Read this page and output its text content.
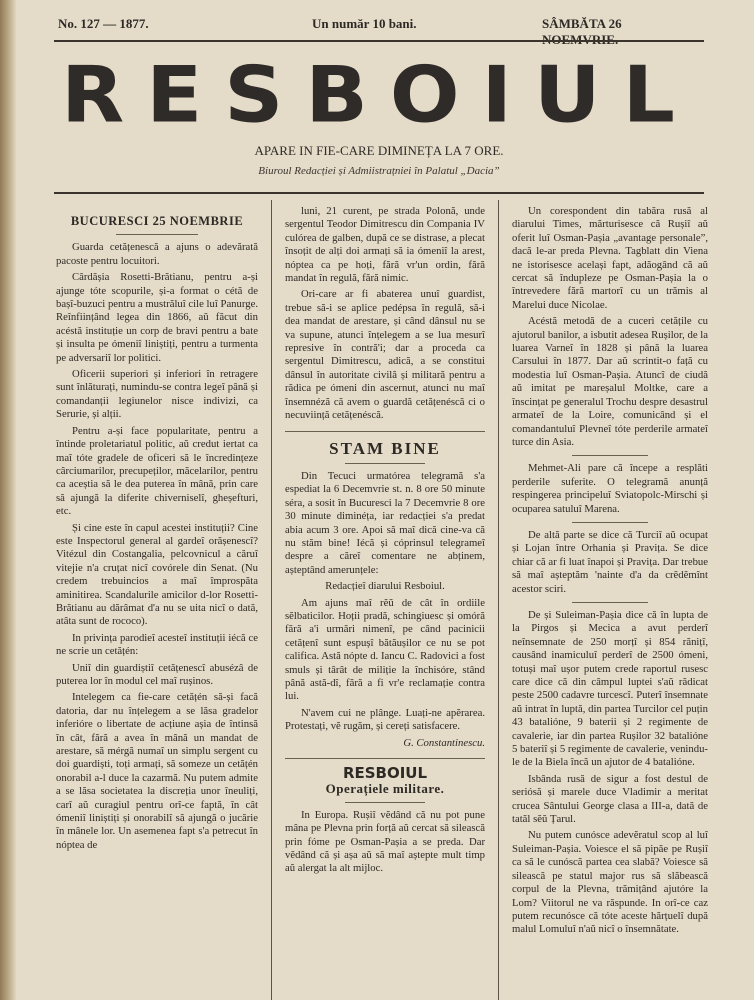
No. 127 — 1877.	Un număr 10 bani.	SÂMBĂTA 26 NOEMVRIE.
RESBOIUL
APARE IN FIE-CARE DIMINEȚA LA 7 ORE.
Biuroul Redacției și Admiistrațniei în Palatul „Dacia”
BUCURESCI 25 NOEMBRIE

Guarda cetățenescă a ajuns o adevărată pacoste pentru locuitori.

Cârdășia Rosetti-Brătianu, pentru a-și ajunge tóte scopurile, și-a format o cétă de bașî-buzuci pentru a mustrăluî cile luî Panurge. Reînființând legea din 1866, aŭ făcut din acéstă instituție un corp de bravi pentru a bate și insulta pe ómeniî liniștiți, pentru a turmenta pe adversariî lor politici.

Oficerii superiori și inferiori în retragere sunt înlăturați, numindu-se contra legeî până și comandanții legiunelor nisce indivizi, ca Serurie, și alții.

Pentru a-și face popularitate, pentru a întinde proletariatul politic, aŭ credut iertat ca maî tóte gradele de oficeri să le încredințeze cârciumarilor, precupeților, măcelarilor, pentru ca aceștia să le dea puterea în mână, prin care să ajungă la diferite chiverniselî, gheșefturi, etc.

Și cine este în capul acestei instituții? Cine este Inspectorul general al gardeî orășenescî? Vitézul din Costangalia, pelcovnicul a căruî vitejie n'a cruțat nicî covórele din Senat. (Nu credem trebuincios a maî împrospăta aminitirea. Scandalurile amicilor d-lor Rosetti-Brătianu au dărâmat d'a nu se uita nicî o dată, atâta sunt de rococo).

In privința parodieî acesteî instituții iécă ce ne scrie un cetățén:

Uniî din guardiștiî cetățenescî abusézâ de puterea lor în modul cel maî rușinos.

Intelegem ca fie-care cetățén să-și facă datoria, dar nu înțelegem a se lăsa gradelor inferióre o libertate de acțiune așia de întinsă în cât, fără a avea în mână un mandat de arestare, să mérgă numaî un simplu sergent cu doi guardiști, toți armați, să someze un cetățén onorabil a-l duce la cazarmă. Nu putem admite a se lăsa societatea la discreția unor îneuliți, carî aŭ curagiul pentru orî-ce faptă, în cât ómeniî liniștiți și onorabilî să ajungă o jucărie în mânele lor. Un asemenea fapt s'a petrecut în nóptea de

luni, 21 curent, pe strada Polonă, unde sergentul Teodor Dimitrescu din Compania IV culórea de galben, după ce se distrase, a plecat însoțit de alți doi armați să ia ómeniî la arest, nóptea ca pe hoți, fără vr'un ordin, fără mandat în regulă, fără nimic.

Ori-care ar fi abaterea unuî guardist, trebue să-i se aplice pedépsa în regulă, să-i dea mandat de arestare, și când dânsul nu se va supune, atunci înțelegem a se lua mesurî represive în contră'i; dar a proceda ca sergentul Dimitrescu, adică, a se constitui dânsul în autoritate civilă și militară pentru a rădica pe ómeni din ascernut, atunci nu maî însemnéză că avem o guardă cetățenéscă ci o necuviință cetățenéscă.

STAM BINE

Din Tecuci urmatórea telegramă s'a espediat la 6 Decemvrie st. n. 8 ore 50 minute séra, a sosit în Bucuresci la 7 Decemvrie 8 ore 30 minute diminéța, iar redacției s'a predat abia acum 3 ore. Apoi să maî dică cine-va că nu stăm bine! Iécă și cóprinsul telegrameî despre a căreî comentare ne abținem, așteptând amerunțele:

Redacțieî diarului Resboiul.

Am ajuns maî rĕŭ de cât în ordiile sĕlbaticilor. Hoții pradă, schingiuesc și omóră fără a'i urmări nimenî, pe când pacinicii cetățenî sunt espușî bătăușilor ce nu se pot califica. Astă nópte d. Iancu C. Radovici a fost smuls și târât de miliție la închisóre, stând până astă-dî, fără a fi vr'e reclamație contra lui.

N'avem cui ne plânge. Luați-ne apĕrarea. Protestați, vĕ rugăm, și cereți satisfacere.

G. Constantinescu.
RESBOIUL
Operațiele militare.

In Europa. Rușiî vĕdând că nu pot pune mâna pe Plevna prin forță aŭ cercat să silească prin fóme pe Osman-Pașia a se preda. Dar vĕdând că și așa aŭ să maî aștepte mult timp aŭ alergat la alt mijloc.

Un corespondent din tabăra rusă al diarului Times, mărturisesce că Rușiî aŭ oferit luî Osman-Pașia „avantage personale”, dacă le-ar preda Plevna. Tagblatt din Viena ne istorisesce același fapt, adăogând că aŭ cercat să îndupleze pe Osman-Pașia la o întrevedere fără martorî cu un trămis al Marelui duce Nicolae.

Acéstă metodă de a cuceri cetățile cu ajutorul banilor, a isbutit adesea Rușilor, de la luarea Varneî în 1828 și până la luarea Carsului în 1877. Dar aŭ scrintit-o față cu modestia luî Osman-Pașia. Atuncî de ciudă aŭ imitat pe mareșalul Moltke, care a înscințat pe generalul Trochu despre desastrul armateî de la Loire, comunicând și el comandantuluî Plevneî tóte perderile armateî turce din Asia.

Mehmet-Ali pare că începe a resplăti perderile suferite. O telegramă anunță respingerea principeluî Sviatopolc-Mirschi și ocuparea satuluî Marena.

De altă parte se dice că Turciî aŭ ocupat și Lojan între Orhania și Pravița. Se dice chiar că ar fi luat înapoi și Pravița. Dar trebue să maî așteptăm 'nainte d'a da crĕdĕmînt acestor sciri.

De și Suleiman-Pașia dice că în lupta de la Pirgos și Mecica a avut perderî neînsemnate de 250 morțî și 854 rănițî, causând inamiculuî perderî de 2500 ómeni, totuși maî ușor putem crede raportul rusesc care dice că din câmpul luptei s'aŭ rădicat peste 2500 cadavre turcescî. Puterî însemnate aŭ intrat în luptă, din partea Turcilor cel puțin 43 batalióne, 9 baterii și 2 regimente de cavalerie, iar din partea Rușilor 32 batalióne 5 bateriî și 5 regimente de cavalerie, venindu-le de la Biela încă un ajutor de 4 batalióne.

Isbânda rusă de sigur a fost destul de seriósă și marele duce Vladimir a meritat crucea Sântului George clasa a III-a, dată de tatăl sĕŭ Țarul.

Nu putem cunósce adevĕratul scop al luî Suleiman-Pașia. Voiesce el să pipăe pe Rușiî ca să le cunóscă partea cea slabă? Voiesce să silească pe statul major rus să slăbească corpul de la Plevna, trămițând ajutóre la Lom? Viitorul ne va răspunde. In orî-ce caz putem recunósce că tóte aceste hărțuelî după malul Lomuluî n'aŭ nicî o însemnătate.
